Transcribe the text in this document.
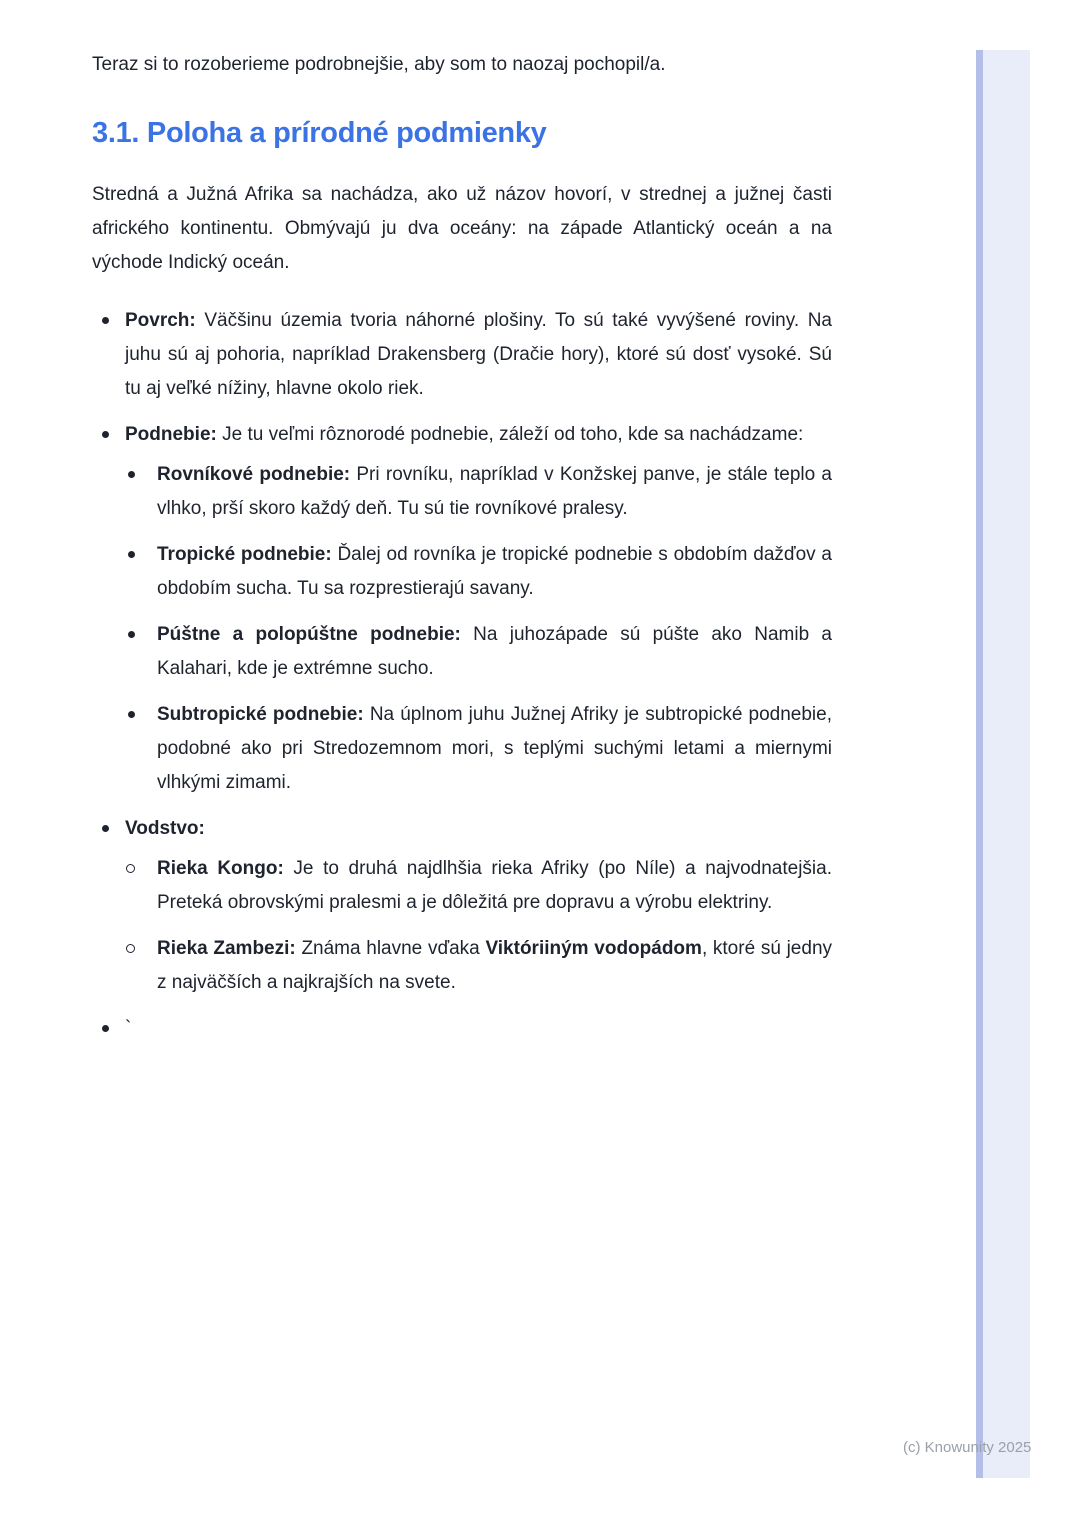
Teraz si to rozoberieme podrobnejšie, aby som to naozaj pochopil/a.

3.1. Poloha a prírodné podmienky

Stredná a Južná Afrika sa nachádza, ako už názov hovorí, v strednej a južnej časti afrického kontinentu. Obmývajú ju dva oceány: na západe Atlantický oceán a na východe Indický oceán.

Povrch: Väčšinu územia tvoria náhorné plošiny. To sú také vyvýšené roviny. Na juhu sú aj pohoria, napríklad Drakensberg (Dračie hory), ktoré sú dosť vysoké. Sú tu aj veľké nížiny, hlavne okolo riek.
Podnebie: Je tu veľmi rôznorodé podnebie, záleží od toho, kde sa nachádzame:
Rovníkové podnebie: Pri rovníku, napríklad v Konžskej panve, je stále teplo a vlhko, prší skoro každý deň. Tu sú tie rovníkové pralesy.
Tropické podnebie: Ďalej od rovníka je tropické podnebie s obdobím dažďov a obdobím sucha. Tu sa rozprestierajú savany.
Púštne a polopúštne podnebie: Na juhozápade sú púšte ako Namib a Kalahari, kde je extrémne sucho.
Subtropické podnebie: Na úplnom juhu Južnej Afriky je subtropické podnebie, podobné ako pri Stredozemnom mori, s teplými suchými letami a miernymi vlhkými zimami.
Vodstvo:
Rieka Kongo: Je to druhá najdlhšia rieka Afriky (po Níle) a najvodnatejšia. Preteká obrovskými pralesmi a je dôležitá pre dopravu a výrobu elektriny.
Rieka Zambezi: Známa hlavne vďaka Viktóriiným vodopádom, ktoré sú jedny z najväčších a najkrajších na svete.
`
(c) Knowunity 2025
